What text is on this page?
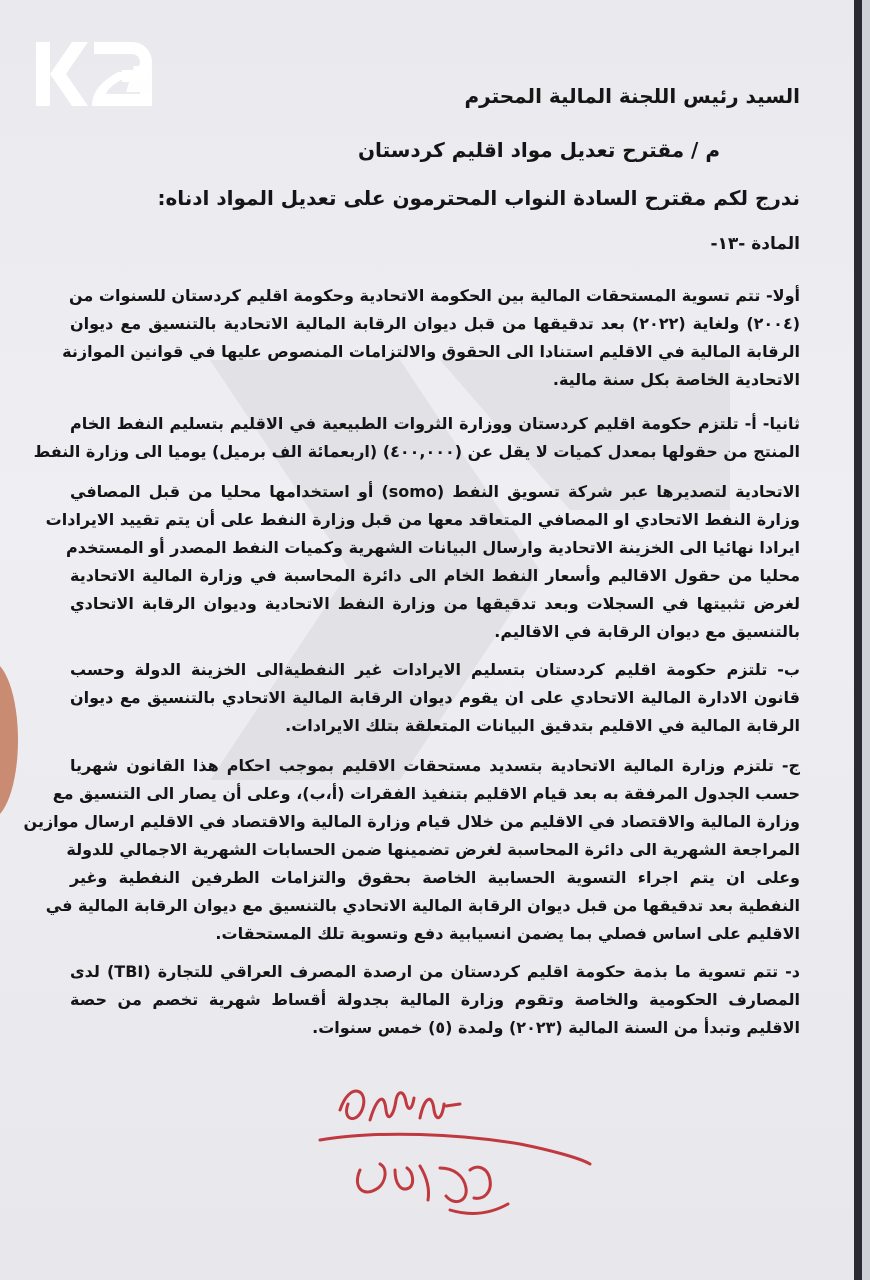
السيد رئيس اللجنة المالية المحترم
م / مقترح تعديل مواد اقليم كردستان
ندرج لكم مقترح السادة النواب المحترمون على تعديل المواد ادناه:
المادة -١٣-
أولا- تتم تسوية المستحقات المالية بين الحكومة الاتحادية وحكومة اقليم كردستان للسنوات من
(٢٠٠٤) ولغاية (٢٠٢٢) بعد تدقيقها من قبل ديوان الرقابة المالية الاتحادية بالتنسيق مع ديوان
الرقابة المالية في الاقليم استنادا الى الحقوق والالتزامات المنصوص عليها في قوانين الموازنة
الاتحادية الخاصة بكل سنة مالية.
ثانيا- أ- تلتزم حكومة اقليم كردستان ووزارة الثروات الطبيعية في الاقليم بتسليم النفط الخام
المنتج من حقولها بمعدل كميات لا يقل عن (٤٠٠,٠٠٠) (اربعمائة الف برميل) يوميا الى وزارة النفط
الاتحادية لتصديرها عبر شركة تسويق النفط (somo) أو استخدامها محليا من قبل المصافي
وزارة النفط الاتحادي او المصافي المتعاقد معها من قبل وزارة النفط على أن يتم تقييد الايرادات
ايرادا نهائيا الى الخزينة الاتحادية وارسال البيانات الشهرية وكميات النفط المصدر أو المستخدم
محليا من حقول الاقاليم وأسعار النفط الخام الى دائرة المحاسبة في وزارة المالية الاتحادية
لغرض تثبيتها في السجلات وبعد تدقيقها من وزارة النفط الاتحادية وديوان الرقابة الاتحادي
بالتنسيق مع ديوان الرقابة في الاقاليم.
ب- تلتزم حكومة اقليم كردستان بتسليم الايرادات غير النفطيةالى الخزينة الدولة وحسب
قانون الادارة المالية الاتحادي على ان يقوم ديوان الرقابة المالية الاتحادي بالتنسيق مع ديوان
الرقابة المالية في الاقليم بتدقيق البيانات المتعلقة بتلك الايرادات.
ج- تلتزم وزارة المالية الاتحادية بتسديد مستحقات الاقليم بموجب احكام هذا القانون شهريا
حسب الجدول المرفقة به بعد قيام الاقليم بتنفيذ الفقرات (أ،ب)، وعلى أن يصار الى التنسيق مع
وزارة المالية والاقتصاد في الاقليم من خلال قيام وزارة المالية والاقتصاد في الاقليم ارسال موازين
المراجعة الشهرية الى دائرة المحاسبة لغرض تضمينها ضمن الحسابات الشهرية الاجمالي للدولة
وعلى ان يتم اجراء التسوية الحسابية الخاصة بحقوق والتزامات الطرفين النفطية وغير
النفطية بعد تدقيقها من قبل ديوان الرقابة المالية الاتحادي بالتنسيق مع ديوان الرقابة المالية في
الاقليم على اساس فصلي بما يضمن انسيابية دفع وتسوية تلك المستحقات.
د- تتم تسوية ما بذمة حكومة اقليم كردستان من ارصدة المصرف العراقي للتجارة (TBI) لدى
المصارف الحكومية والخاصة وتقوم وزارة المالية بجدولة أقساط شهرية تخصم من حصة
الاقليم وتبدأ من السنة المالية (٢٠٢٣) ولمدة (٥) خمس سنوات.
